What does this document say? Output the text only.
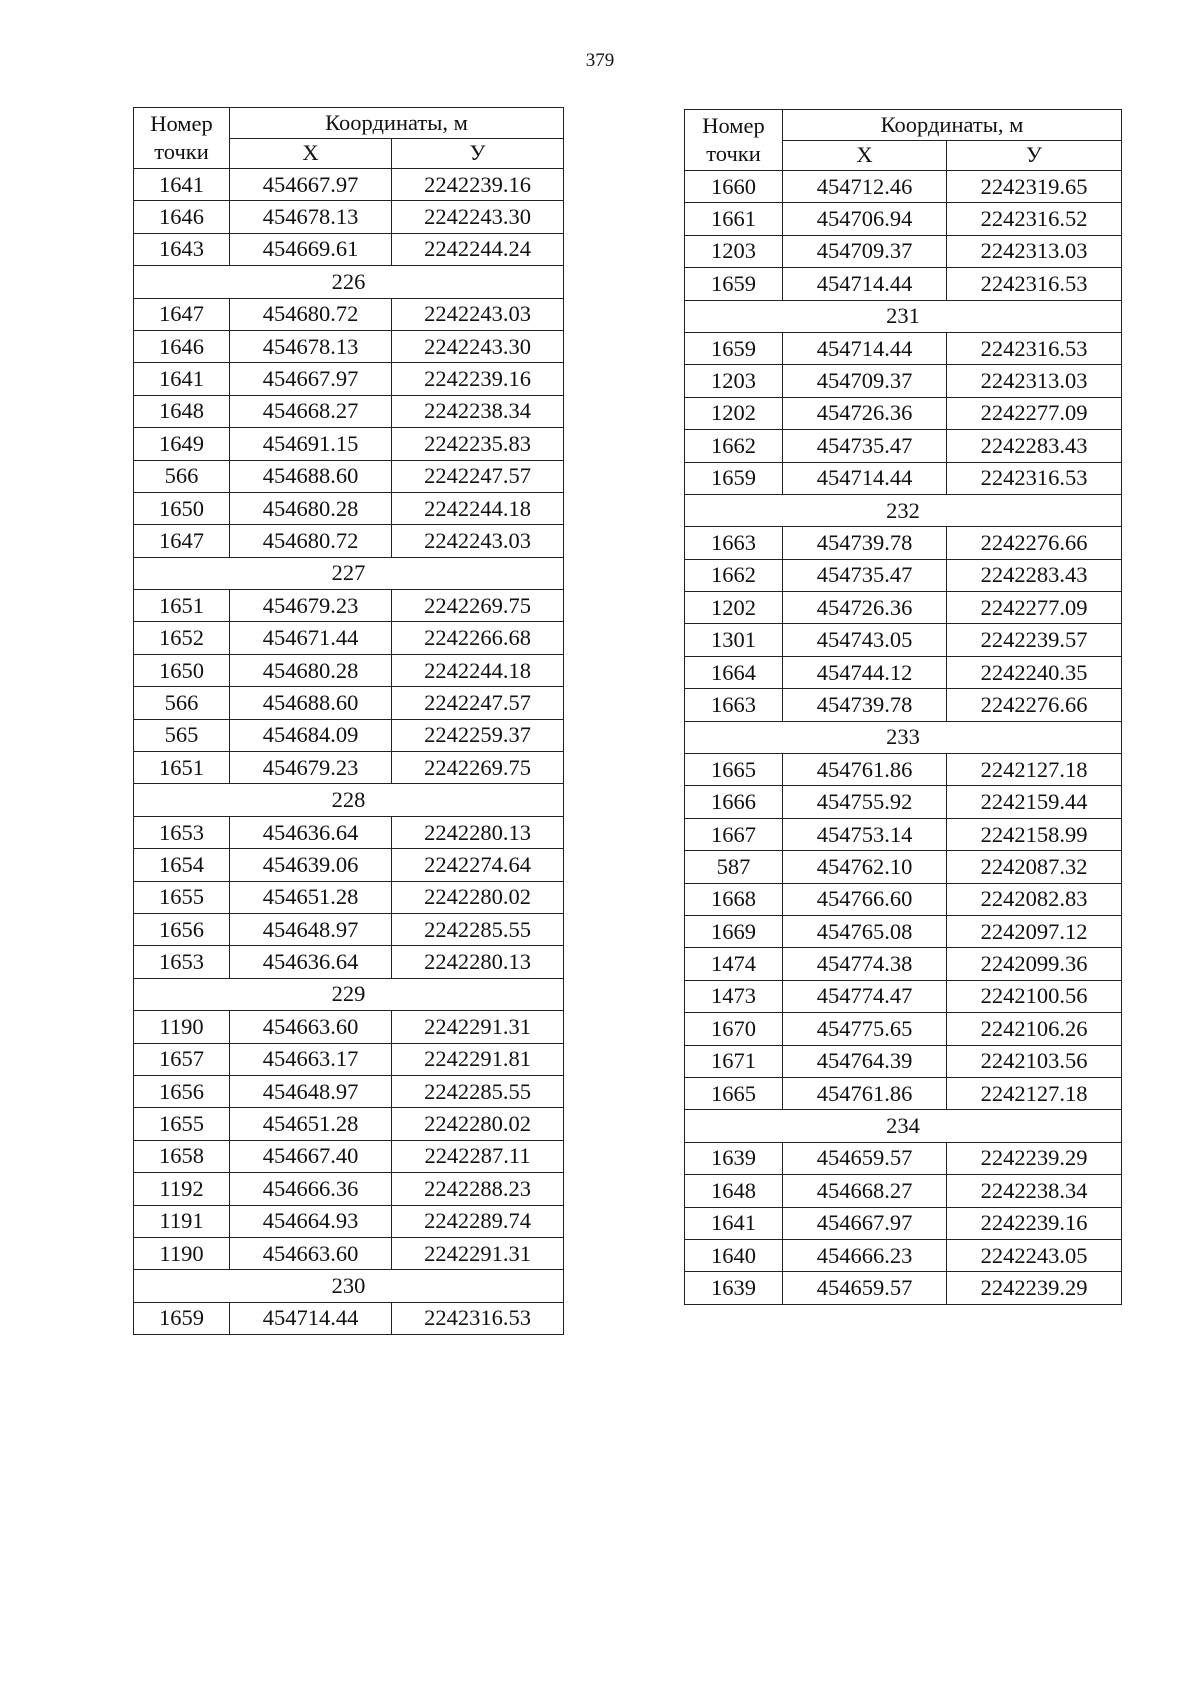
379
Номер
точки	Координаты, м	
	Х	У
1641	454667.97	2242239.16
1646	454678.13	2242243.30
1643	454669.61	2242244.24
226		
1647	454680.72	2242243.03
1646	454678.13	2242243.30
1641	454667.97	2242239.16
1648	454668.27	2242238.34
1649	454691.15	2242235.83
566	454688.60	2242247.57
1650	454680.28	2242244.18
1647	454680.72	2242243.03
227		
1651	454679.23	2242269.75
1652	454671.44	2242266.68
1650	454680.28	2242244.18
566	454688.60	2242247.57
565	454684.09	2242259.37
1651	454679.23	2242269.75
228		
1653	454636.64	2242280.13
1654	454639.06	2242274.64
1655	454651.28	2242280.02
1656	454648.97	2242285.55
1653	454636.64	2242280.13
229		
1190	454663.60	2242291.31
1657	454663.17	2242291.81
1656	454648.97	2242285.55
1655	454651.28	2242280.02
1658	454667.40	2242287.11
1192	454666.36	2242288.23
1191	454664.93	2242289.74
1190	454663.60	2242291.31
230		
1659	454714.44	2242316.53
Номер
точки	Координаты, м	
	Х	У
1660	454712.46	2242319.65
1661	454706.94	2242316.52
1203	454709.37	2242313.03
1659	454714.44	2242316.53
231		
1659	454714.44	2242316.53
1203	454709.37	2242313.03
1202	454726.36	2242277.09
1662	454735.47	2242283.43
1659	454714.44	2242316.53
232		
1663	454739.78	2242276.66
1662	454735.47	2242283.43
1202	454726.36	2242277.09
1301	454743.05	2242239.57
1664	454744.12	2242240.35
1663	454739.78	2242276.66
233		
1665	454761.86	2242127.18
1666	454755.92	2242159.44
1667	454753.14	2242158.99
587	454762.10	2242087.32
1668	454766.60	2242082.83
1669	454765.08	2242097.12
1474	454774.38	2242099.36
1473	454774.47	2242100.56
1670	454775.65	2242106.26
1671	454764.39	2242103.56
1665	454761.86	2242127.18
234		
1639	454659.57	2242239.29
1648	454668.27	2242238.34
1641	454667.97	2242239.16
1640	454666.23	2242243.05
1639	454659.57	2242239.29
